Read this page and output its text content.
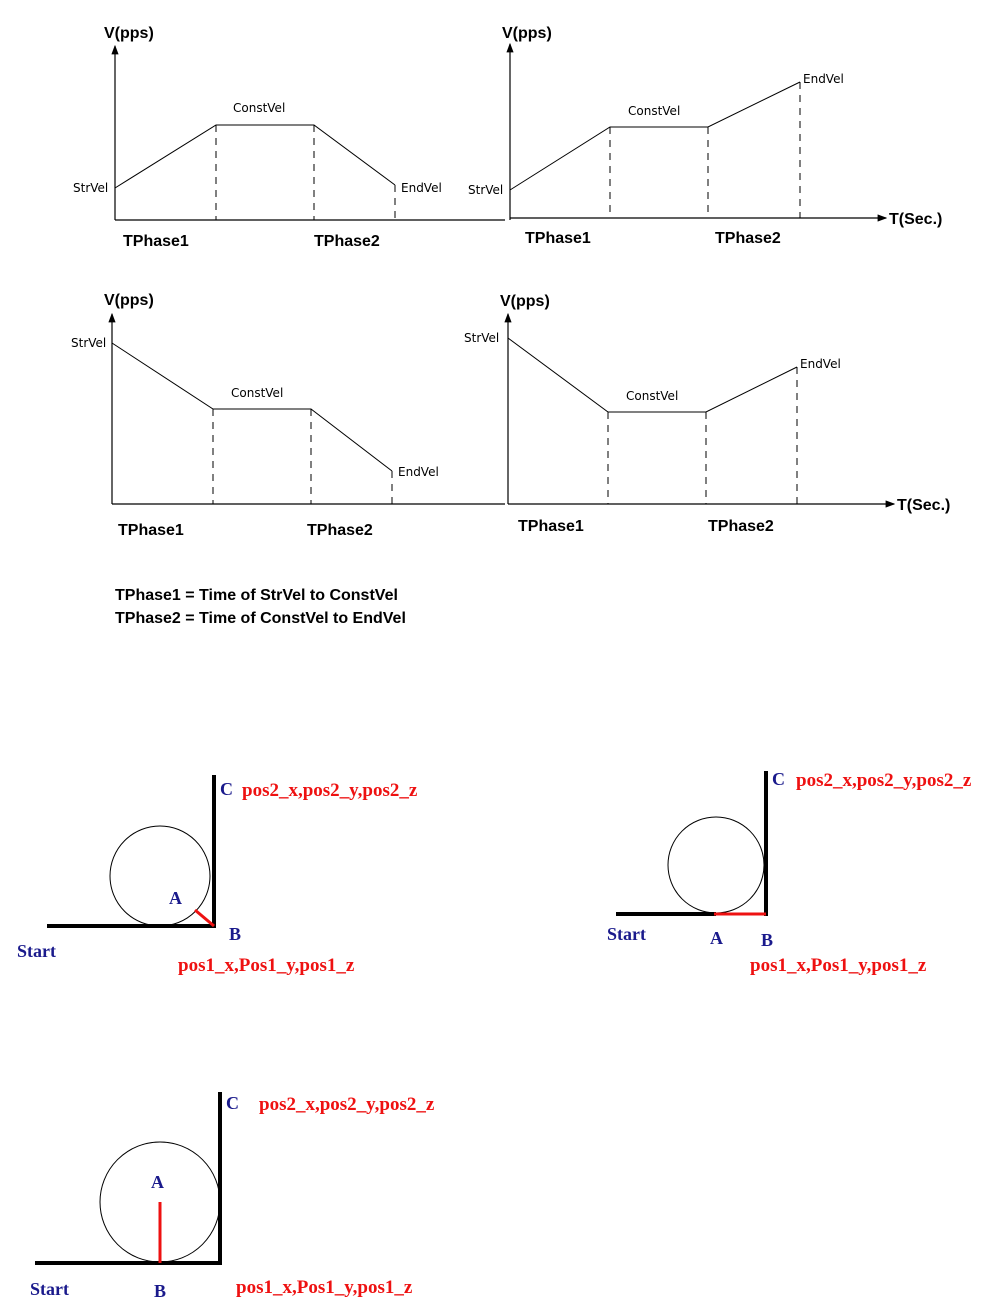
V(pps)
StrVel
ConstVel
EndVel
TPhase1	TPhase2
V(pps)
T(Sec.)
StrVel
ConstVel
EndVel
TPhase1	TPhase2
V(pps)
StrVel
ConstVel
EndVel
TPhase1	TPhase2
V(pps)
T(Sec.)
StrVel
ConstVel
EndVel
TPhase1	TPhase2
TPhase1 = Time of StrVel to ConstVel
TPhase2 = Time of ConstVel to EndVel
Start
A
B
C
pos1_x,Pos1_y,pos1_z
pos2_x,pos2_y,pos2_z
Start	A B
C
pos1_x,Pos1_y,pos1_z
pos2_x,pos2_y,pos2_z
Start
A
B
C
pos1_x,Pos1_y,pos1_z
pos2_x,pos2_y,pos2_z
